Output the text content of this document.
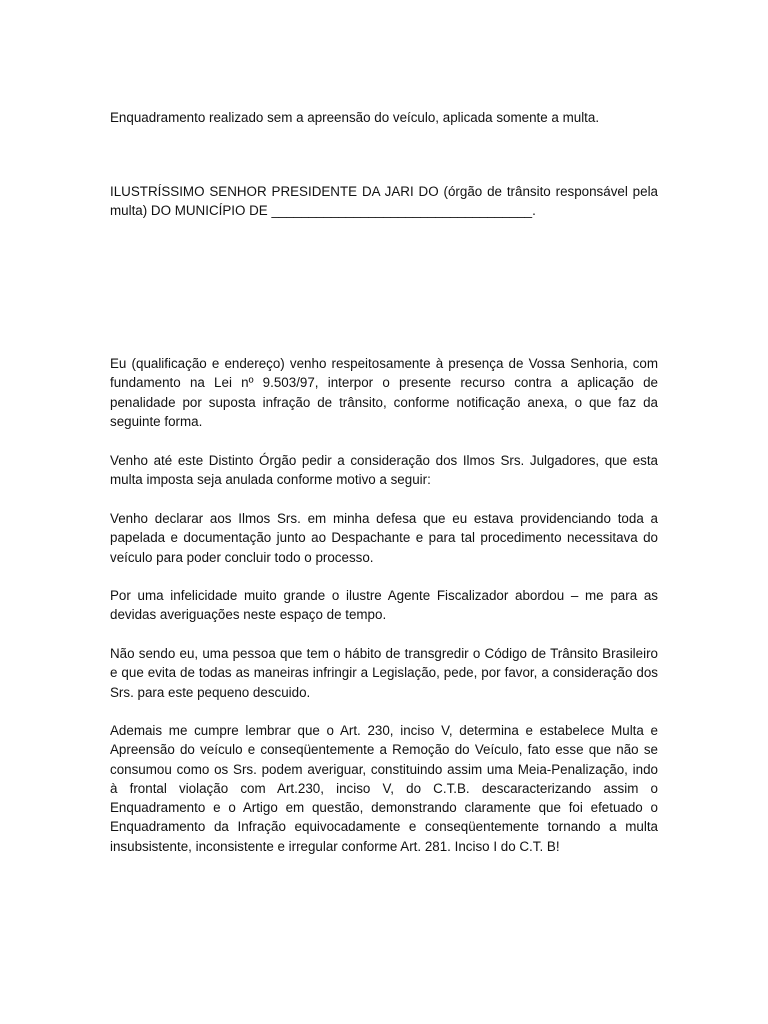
Enquadramento realizado sem a apreensão do veículo, aplicada somente a multa.

ILUSTRÍSSIMO SENHOR PRESIDENTE DA JARI DO (órgão de trânsito responsável pela multa) DO MUNICÍPIO DE ___________________________________.

Eu (qualificação e endereço) venho respeitosamente à presença de Vossa Senhoria, com fundamento na Lei nº 9.503/97, interpor o presente recurso contra a aplicação de penalidade por suposta infração de trânsito, conforme notificação anexa, o que faz da seguinte forma.

Venho até este Distinto Órgão pedir a consideração dos Ilmos Srs. Julgadores, que esta multa imposta seja anulada conforme motivo a seguir:

Venho declarar aos Ilmos Srs. em minha defesa que eu estava providenciando toda a papelada e documentação junto ao Despachante e para tal procedimento necessitava do veículo para poder concluir todo o processo.

Por uma infelicidade muito grande o ilustre Agente Fiscalizador abordou – me para as devidas averiguações neste espaço de tempo.

Não sendo eu, uma pessoa que tem o hábito de transgredir o Código de Trânsito Brasileiro e que evita de todas as maneiras infringir a Legislação, pede, por favor, a consideração dos Srs. para este pequeno descuido.

Ademais me cumpre lembrar que o Art. 230, inciso V, determina e estabelece Multa e Apreensão do veículo e conseqüentemente a Remoção do Veículo, fato esse que não se consumou como os Srs. podem averiguar, constituindo assim uma Meia-Penalização, indo à frontal violação com Art.230, inciso V, do C.T.B. descaracterizando assim o Enquadramento e o Artigo em questão, demonstrando claramente que foi efetuado o Enquadramento da Infração equivocadamente e conseqüentemente tornando a multa insubsistente, inconsistente e irregular conforme Art. 281. Inciso I do C.T. B!
